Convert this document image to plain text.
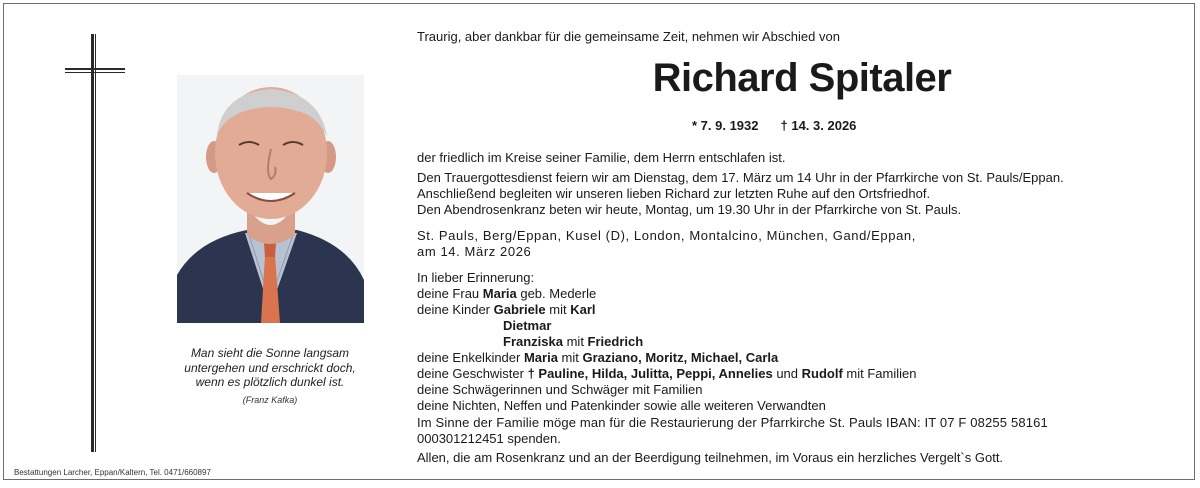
Man sieht die Sonne langsam
untergehen und erschrickt doch,
wenn es plötzlich dunkel ist.
(Franz Kafka)
Bestattungen Larcher, Eppan/Kaltern, Tel. 0471/660897
Traurig, aber dankbar für die gemeinsame Zeit, nehmen wir Abschied von
Richard Spitaler
* 7. 9. 1932 † 14. 3. 2026
der friedlich im Kreise seiner Familie, dem Herrn entschlafen ist.
Den Trauergottesdienst feiern wir am Dienstag, dem 17. März um 14 Uhr in der Pfarrkirche von St. Pauls/Eppan.
Anschließend begleiten wir unseren lieben Richard zur letzten Ruhe auf den Ortsfriedhof.
Den Abendrosenkranz beten wir heute, Montag, um 19.30 Uhr in der Pfarrkirche von St. Pauls.
St. Pauls, Berg/Eppan, Kusel (D), London, Montalcino, München, Gand/Eppan,
am 14. März 2026
In lieber Erinnerung:
deine Frau Maria geb. Mederle
deine Kinder Gabriele mit Karl
Dietmar
Franziska mit Friedrich
deine Enkelkinder Maria mit Graziano, Moritz, Michael, Carla
deine Geschwister † Pauline, Hilda, Julitta, Peppi, Annelies und Rudolf mit Familien
deine Schwägerinnen und Schwäger mit Familien
deine Nichten, Neffen und Patenkinder sowie alle weiteren Verwandten
Im Sinne der Familie möge man für die Restaurierung der Pfarrkirche St. Pauls IBAN: IT 07 F 08255 58161
000301212451 spenden.
Allen, die am Rosenkranz und an der Beerdigung teilnehmen, im Voraus ein herzliches Vergelt`s Gott.
